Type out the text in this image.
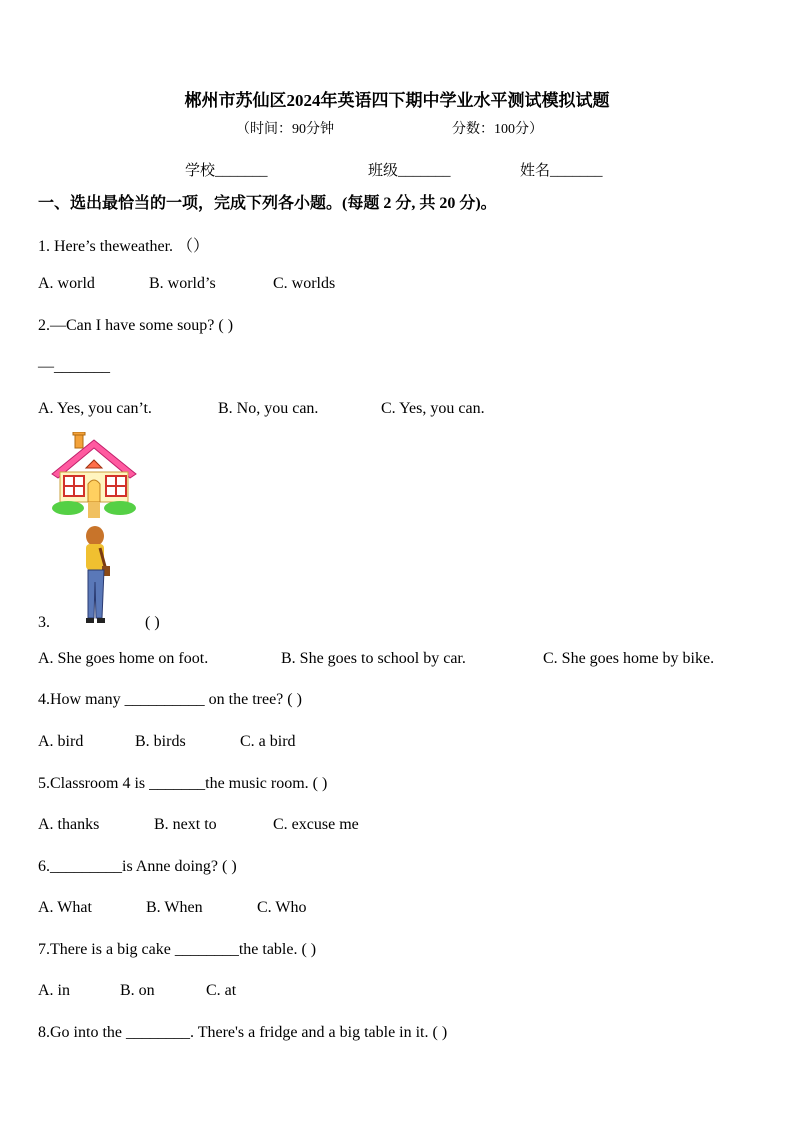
郴州市苏仙区2024年英语四下期中学业水平测试模拟试题
（时间：90分钟	分数：100分）
学校_______	班级_______	姓名_______
一、选出最恰当的一项，完成下列各小题。(每题 2 分, 共 20 分)。
1. Here’s theweather. （）
A. world	B. world’s	C. worlds
2.—Can I have some soup? ( )
—_______
A. Yes, you can’t.	B. No, you can.	C. Yes, you can.
3.	( )
A. She goes home on foot.	B. She goes to school by car.	C. She goes home by bike.
4.How many __________ on the tree? ( )
A. bird	B. birds	C. a bird
5.Classroom 4 is _______the music room. ( )
A. thanks	B. next to	C. excuse me
6._________is Anne doing? ( )
A. What	B. When	C. Who
7.There is a big cake ________the table. ( )
A. in	B. on	C. at
8.Go into the ________. There's a fridge and a big table in it. ( )
